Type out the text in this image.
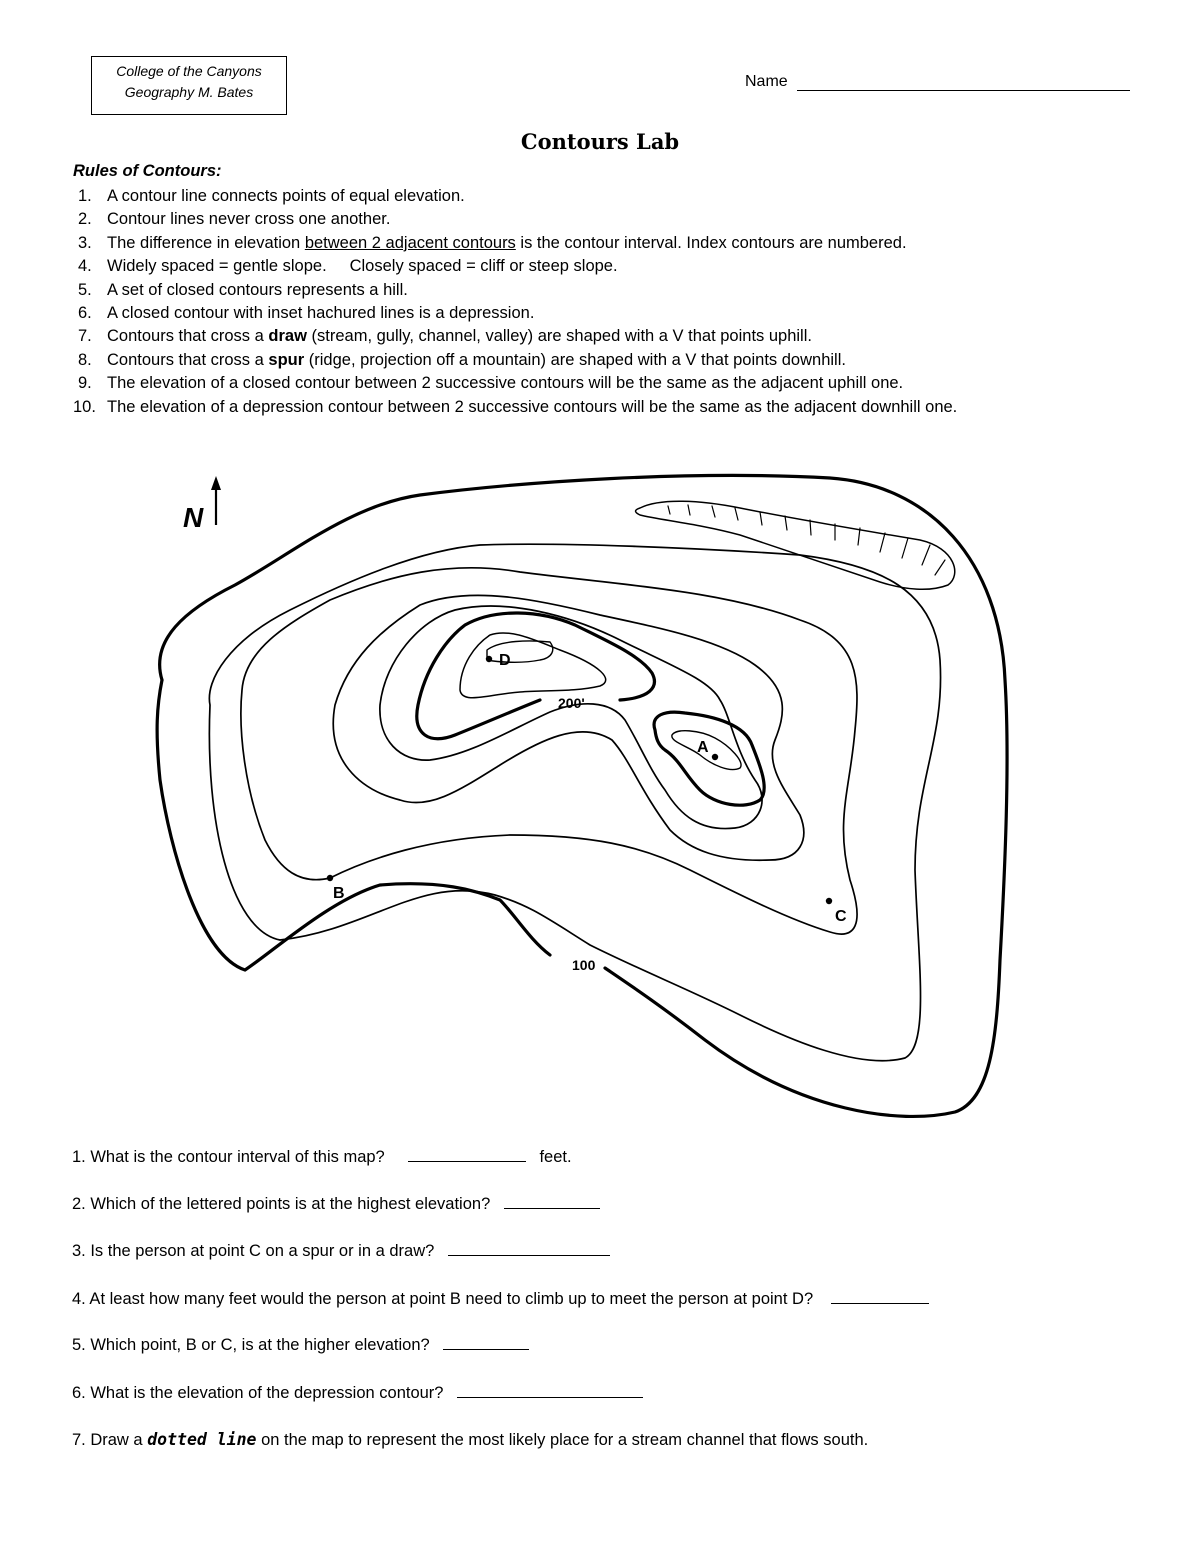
College of the Canyons
Geography M. Bates
Name
Contours Lab
Rules of Contours:
1. A contour line connects points of equal elevation.
2. Contour lines never cross one another.
3. The difference in elevation between 2 adjacent contours is the contour interval. Index contours are numbered.
4. Widely spaced = gentle slope.     Closely spaced = cliff or steep slope.
5. A set of closed contours represents a hill.
6. A closed contour with inset hachured lines is a depression.
7. Contours that cross a draw (stream, gully, channel, valley) are shaped with a V that points uphill.
8. Contours that cross a spur (ridge, projection off a mountain) are shaped with a V that points downhill.
9. The elevation of a closed contour between 2 successive contours will be the same as the adjacent uphill one.
10. The elevation of a depression contour between 2 successive contours will be the same as the adjacent downhill one.
N
100
200'
D
A
B
C
1. What is the contour interval of this map?	feet.
2. Which of the lettered points is at the highest elevation?
3. Is the person at point C on a spur or in a draw?
4. At least how many feet would the person at point B need to climb up to meet the person at point D?
5. Which point, B or C, is at the higher elevation?
6. What is the elevation of the depression contour?
7. Draw a dotted line on the map to represent the most likely place for a stream channel that flows south.
